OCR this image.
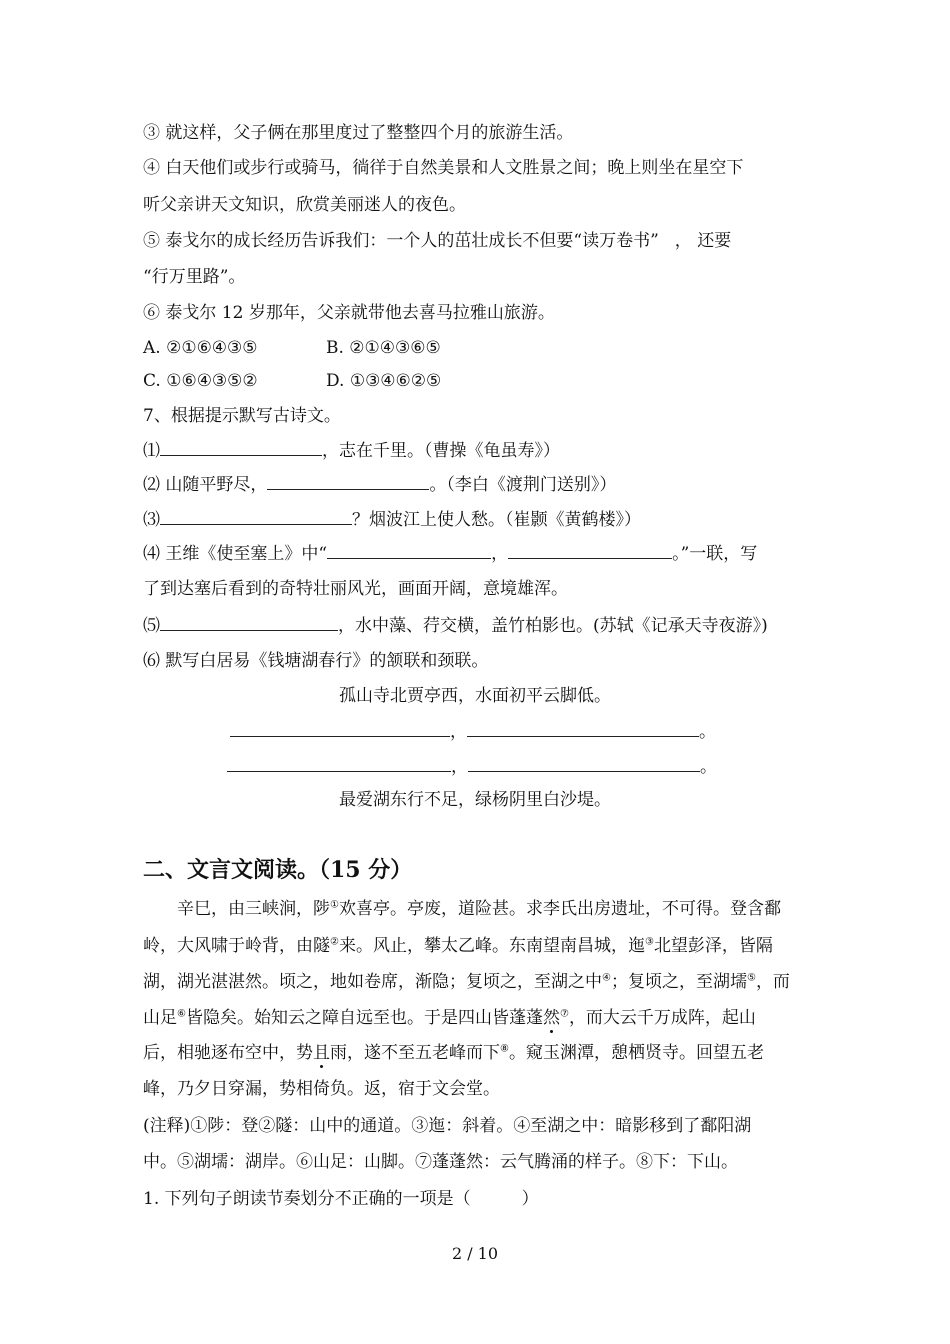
③ 就这样，父子俩在那里度过了整整四个月的旅游生活。
④ 白天他们或步行或骑马，徜徉于自然美景和人文胜景之间；晚上则坐在星空下
听父亲讲天文知识，欣赏美丽迷人的夜色。
⑤ 泰戈尔的成长经历告诉我们：一个人的茁壮成长不但要“读万卷书” ， 还要
“行万里路”。
⑥ 泰戈尔 12 岁那年，父亲就带他去喜马拉雅山旅游。
A. ②①⑥④③⑤	B. ②①④③⑥⑤
C. ①⑥④③⑤②	D. ①③④⑥②⑤
7、根据提示默写古诗文。
⑴	，志在千里。（曹操《龟虽寿》）
⑵ 山随平野尽，	。（李白《渡荆门送别》）
⑶	？烟波江上使人愁。（崔颢《黄鹤楼》）
⑷ 王维《使至塞上》中“	，	。”一联，写
了到达塞后看到的奇特壮丽风光，画面开阔，意境雄浑。
⑸	，水中藻、荇交横，盖竹柏影也。(苏轼《记承天寺夜游》)
⑹ 默写白居易《钱塘湖春行》的颔联和颈联。
孤山寺北贾亭西，水面初平云脚低。
，	。
，	。
最爱湖东行不足，绿杨阴里白沙堤。
二、文言文阅读。（15 分）
辛巳，由三峡涧，陟①欢喜亭。亭废，道险甚。求李氏出房遗址，不可得。登含鄱
岭，大风啸于岭背，由隧②来。风止，攀太乙峰。东南望南昌城，迤③北望彭泽，皆隔
湖，湖光湛湛然。顷之，地如卷席，渐隐；复顷之，至湖之中④；复顷之，至湖壖⑤，而
山足⑥皆隐矣。始知云之障自远至也。于是四山皆蓬蓬然⑦，而大云千万成阵，起山
后，相驰逐布空中，势且雨，遂不至五老峰而下⑧。窥玉渊潭，憩栖贤寺。回望五老
峰，乃夕日穿漏，势相倚负。返，宿于文会堂。
(注释)①陟：登②隧：山中的通道。③迤：斜着。④至湖之中：暗影移到了鄱阳湖
中。⑤湖壖：湖岸。⑥山足：山脚。⑦蓬蓬然：云气腾涌的样子。⑧下：下山。
1. 下列句子朗读节奏划分不正确的一项是（　　　）
2 / 10
